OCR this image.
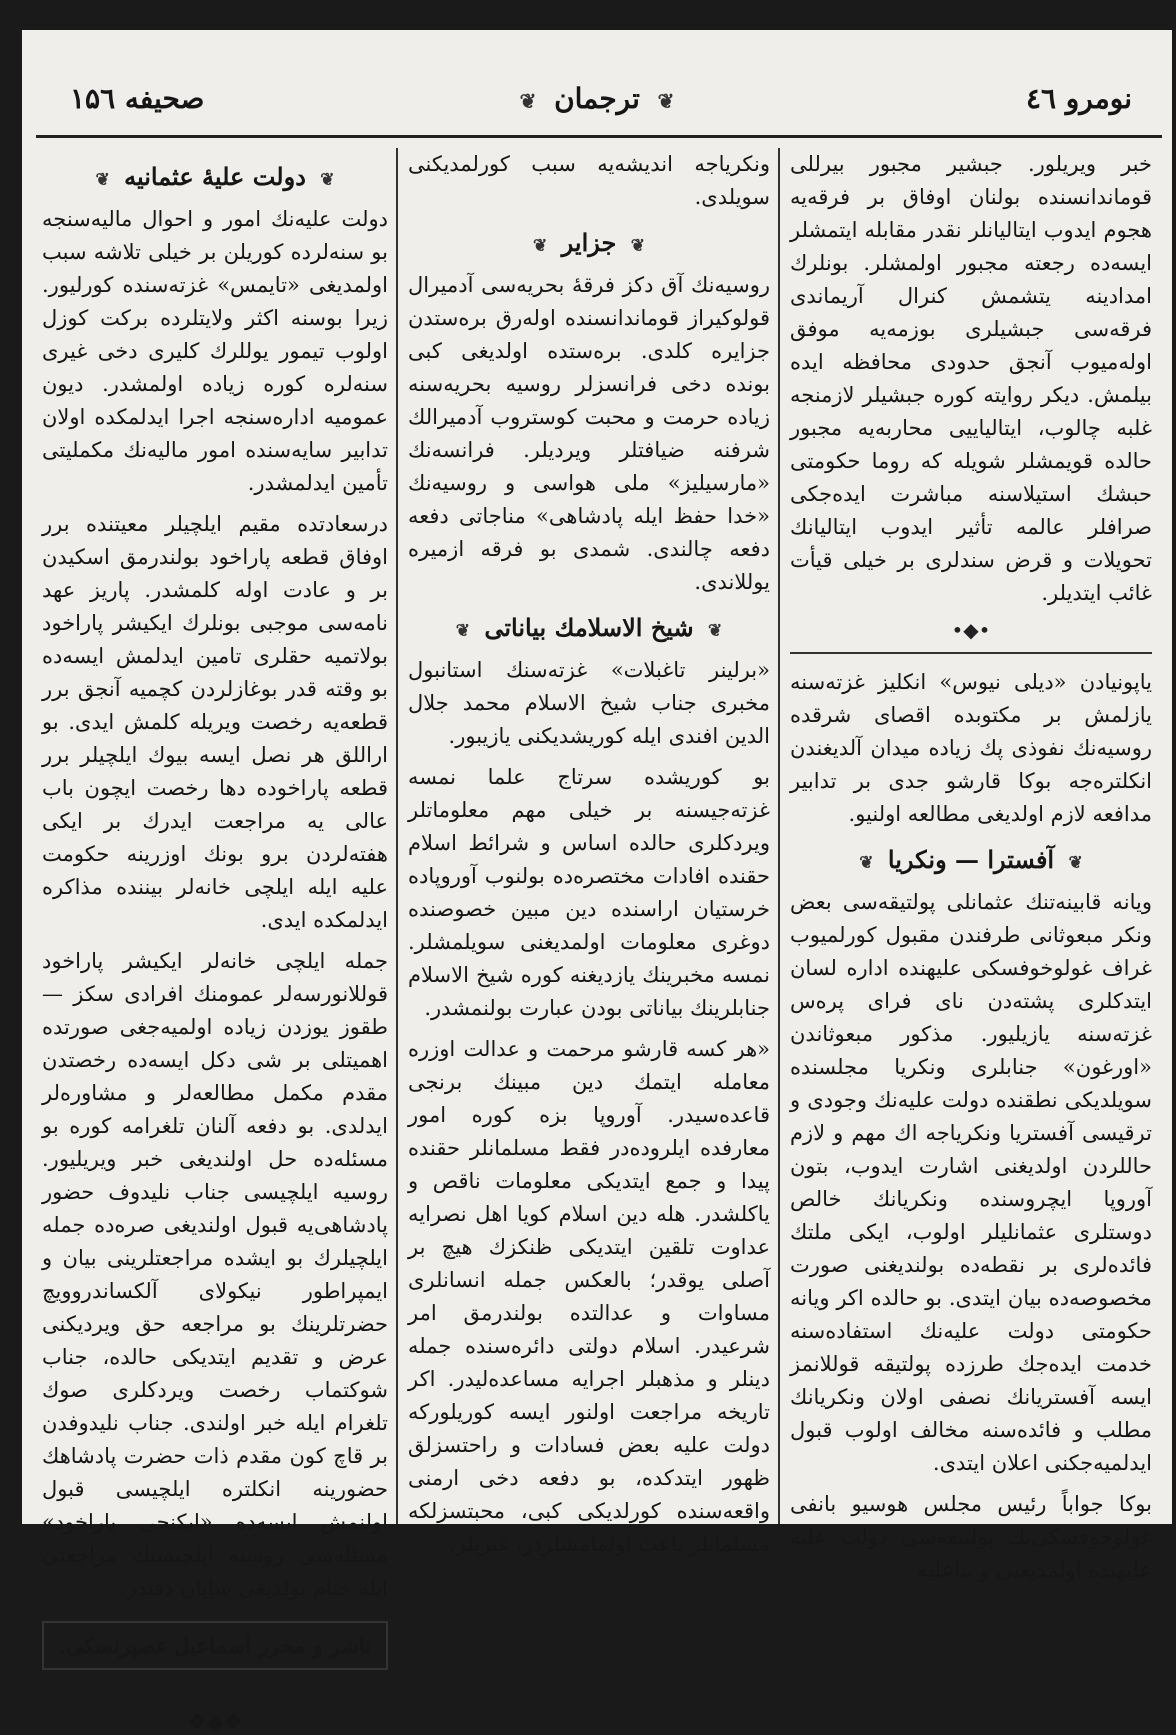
صحیفه ۱۵٦	❦ ترجمان ❦	نومرو ٤٦

خبر ویریلور. جبشیر مجبور بیرللی قوماندانسنده بولنان اوفاق بر فرقه‌یه هجوم ایدوب ایتالیانلر نقدر مقابله ایتمشلر ایسه‌ده رجعته مجبور اولمشلر. بونلرك امدادینه یتشمش کنرال آریماندی فرقه‌سی جبشیلری بوزمه‌یه موفق اوله‌میوب آنجق حدودی محافظه ایده بیلمش. دیکر روایته کوره جبشیلر لازمنجه غلبه چالوب، ایتالیاییی محاربه‌یه مجبور حالده قویمشلر شویله که روما حکومتی حبشك استیلاسنه مباشرت ایده‌جکی صرافلر عالمه تأثیر ایدوب ایتالیانك تحویلات و قرض سندلری بر خیلی قیأت غائب ایتدیلر.

•◆•

یاپونیادن «دیلی نیوس» انکلیز غزته‌سنه یازلمش بر مکتوبده اقصای شرقده روسیه‌نك نفوذی پك زیاده میدان آلدیغندن انکلتره‌جه بوکا قارشو جدی بر تدابیر مدافعه لازم اولدیغی مطالعه اولنیو.

❦ آفسترا — ونکریا ❦

ویانه قابینه‌تنك عثمانلی پولتیقه‌سی بعض ونکر مبعوثانی طرفندن مقبول کورلمیوب غراف غولوخوفسکی علیهنده اداره لسان ایتدکلری پشته‌دن نای فرای پره‌س غزته‌سنه یازیلیور. مذکور مبعوثاندن «اورغون» جنابلری ونکریا مجلسنده سویلدیکی نطقنده دولت علیه‌نك وجودی و ترقیسی آفستریا ونکریاجه اك مهم و لازم حاللردن اولدیغنی اشارت ایدوب، بتون آوروپا ایچروسنده ونکریانك خالص دوستلری عثمانلیلر اولوب، ایکی ملتك فائده‌لری بر نقطه‌ده بولندیغنی صورت مخصوصه‌ده بیان ایتدی. بو حالده اکر ویانه حکومتی دولت علیه‌نك استفاده‌سنه خدمت ایده‌جك طرزده پولتیقه قوللانمز ایسه آفستریانك نصفی اولان ونکریانك مطلب و فائده‌سنه مخالف اولوب قبول ایدلمیه‌جکنی اعلان ایتدی.

بوکا جواباً رئیس مجلس هوسیو بانفی غولوخوفسکی‌نك پولتیقه‌سی دولت علیه علیهنده اولمدیغنی و بناعلیه

ونکریاجه اندیشه‌یه سبب کورلمدیکنی سویلدی.

❦ جزایر ❦

روسیه‌نك آق دکز فرقهٔ بحریه‌سی آدمیرال قولوکیراز قوماندانسنده اوله‌رق بره‌ستدن جزایره کلدی. بره‌ستده اولدیغی کبی بونده دخی فرانسزلر روسیه بحریه‌سنه زیاده حرمت و محبت کوستروب آدمیرالك شرفنه ضیافتلر ویردیلر. فرانسه‌نك «مارسیلیز» ملی هواسی و روسیه‌نك «خدا حفظ ایله پادشاهی» مناجاتی دفعه دفعه چالندی. شمدی بو فرقه ازمیره یوللاندی.

❦ شیخ الاسلامك بیاناتی ❦

«برلینر تاغبلات» غزته‌سنك استانبول مخبری جناب شیخ الاسلام محمد جلال الدین افندی ایله کوریشدیکنی یازیبور.

بو کوریشده سرتاج علما نمسه غزته‌جیسنه بر خیلی مهم معلوماتلر ویردکلری حالده اساس و شرائط اسلام حقنده افادات مختصره‌ده بولنوب آوروپاده خرستیان اراسنده دین مبین خصوصنده دوغری معلومات اولمدیغنی سویلمشلر. نمسه مخبرینك یازدیغنه کوره شیخ الاسلام جنابلرینك بیاناتی بودن عبارت بولنمشدر.

«هر کسه قارشو مرحمت و عدالت اوزره معامله ایتمك دین مبینك برنجی قاعده‌سیدر. آوروپا بزه کوره امور معارفده ایلروده‌در فقط مسلمانلر حقنده پیدا و جمع ایتدیکی معلومات ناقص و یاکلشدر. هله دین اسلام کویا اهل نصرایه عداوت تلقین ایتدیکی ظنکزك هیچ بر آصلی یوقدر؛ بالعکس جمله انسانلری مساوات و عدالتده بولندرمق امر شرعیدر. اسلام دولتی دائره‌سنده جمله دینلر و مذهبلر اجرایه مساعده‌لیدر. اکر تاریخه مراجعت اولنور ایسه کوریلورکه دولت علیه بعض فسادات و راحتسزلق ظهور ایتدکده، بو دفعه دخی ارمنی واقعه‌سنده کورلدیکی کبی، محبتسزلکه مسلمانلر باعث اولمامشلردر، غیریلر.

❦ دولت علیهٔ عثمانیه ❦

دولت علیه‌نك امور و احوال مالیه‌سنجه بو سنه‌لرده کوریلن بر خیلی تلاشه سبب اولمدیغی «تایمس» غزته‌سنده کورلیور. زیرا بوسنه اکثر ولایتلرده برکت کوزل اولوب تیمور یوللرك کلیری دخی غیری سنه‌لره کوره زیاده اولمشدر. دیون عمومیه اداره‌سنجه اجرا ایدلمکده اولان تدابیر سایه‌سنده امور مالیه‌نك مکملیتی تأمین ایدلمشدر.

درسعادتده مقیم ایلچیلر معیتنده برر اوفاق قطعه پاراخود بولندرمق اسکیدن بر و عادت اوله کلمشدر. پاریز عهد نامه‌سی موجبی بونلرك ایکیشر پاراخود بولاتمیه حقلری تامین ایدلمش ایسه‌ده بو وقته قدر بوغازلردن کچمیه آنجق برر قطعه‌یه رخصت ویریله کلمش ایدی. بو اراللق هر نصل ایسه بیوك ایلچیلر برر قطعه پاراخوده دها رخصت ایچون باب عالی یه مراجعت ایدرك بر ایکی هفته‌لردن برو بونك اوزرینه حکومت علیه ایله ایلچی خانه‌لر بیننده مذاکره ایدلمکده ایدی.

جمله ایلچی خانه‌لر ایکیشر پاراخود قوللانورسه‌لر عمومنك افرادی سکز — طقوز یوزدن زیاده اولمیه‌جغی صورتده اهمیتلی بر شی دکل ایسه‌ده رخصتدن مقدم مکمل مطالعه‌لر و مشاوره‌لر ایدلدی. بو دفعه آلنان تلغرامه کوره بو مسئله‌ده حل اولندیغی خبر ویریلیور. روسیه ایلچیسی جناب نلیدوف حضور پادشاهی‌یه قبول اولندیغی صره‌ده جمله ایلچیلرك بو ایشده مراجعتلرینی بیان و ایمپراطور نیکولای آلکساندروویچ حضرتلرینك بو مراجعه حق ویردیکنی عرض و تقدیم ایتدیکی حالده، جناب شوکتماب رخصت ویردکلری صوك تلغرام ایله خبر اولندی. جناب نلیدوفدن بر قاچ کون مقدم ذات حضرت پادشاهك حضورینه انکلتره ایلچیسی قبول اولنمش ایسه‌ده «ایکنجی پاراخود» مسئله‌سی روسیه ایلچیسنك مراجعتی ایله ختام بولدیغی شایان دقتدر.

ناشر و محرر اسماعیل غصپرنسکی.
❖◆❖
